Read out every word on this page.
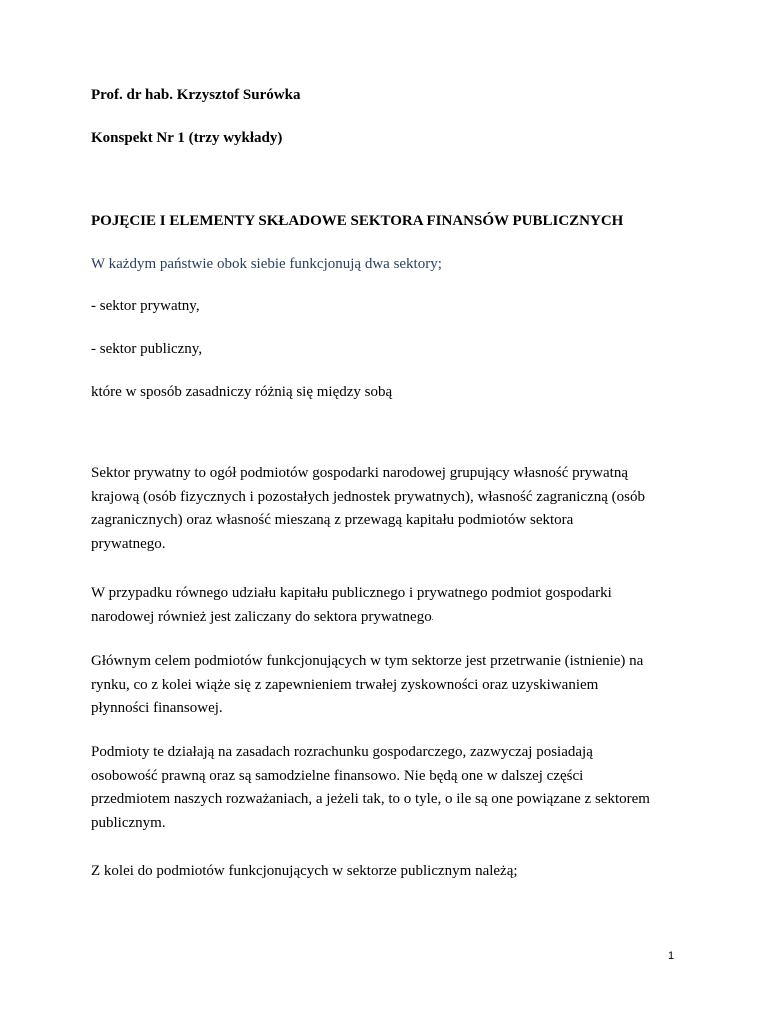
Prof. dr hab. Krzysztof Surówka

Konspekt Nr 1 (trzy wykłady)

POJĘCIE I ELEMENTY SKŁADOWE SEKTORA FINANSÓW PUBLICZNYCH

W każdym państwie obok siebie funkcjonują dwa sektory;

- sektor prywatny,

- sektor publiczny,

które w sposób zasadniczy różnią się między sobą

Sektor prywatny to ogół podmiotów gospodarki narodowej grupujący własność prywatną
krajową (osób fizycznych i pozostałych jednostek prywatnych), własność zagraniczną (osób
zagranicznych) oraz własność mieszaną z przewagą kapitału podmiotów sektora
prywatnego.

W przypadku równego udziału kapitału publicznego i prywatnego podmiot gospodarki
narodowej również jest zaliczany do sektora prywatnego.

Głównym celem podmiotów funkcjonujących w tym sektorze jest przetrwanie (istnienie) na
rynku, co z kolei wiąże się z zapewnieniem trwałej zyskowności oraz uzyskiwaniem
płynności finansowej.

Podmioty te działają na zasadach rozrachunku gospodarczego, zazwyczaj posiadają
osobowość prawną oraz są samodzielne finansowo. Nie będą one w dalszej części
przedmiotem naszych rozważaniach, a jeżeli tak, to o tyle, o ile są one powiązane z sektorem
publicznym.

Z kolei do podmiotów funkcjonujących w sektorze publicznym należą;

1
